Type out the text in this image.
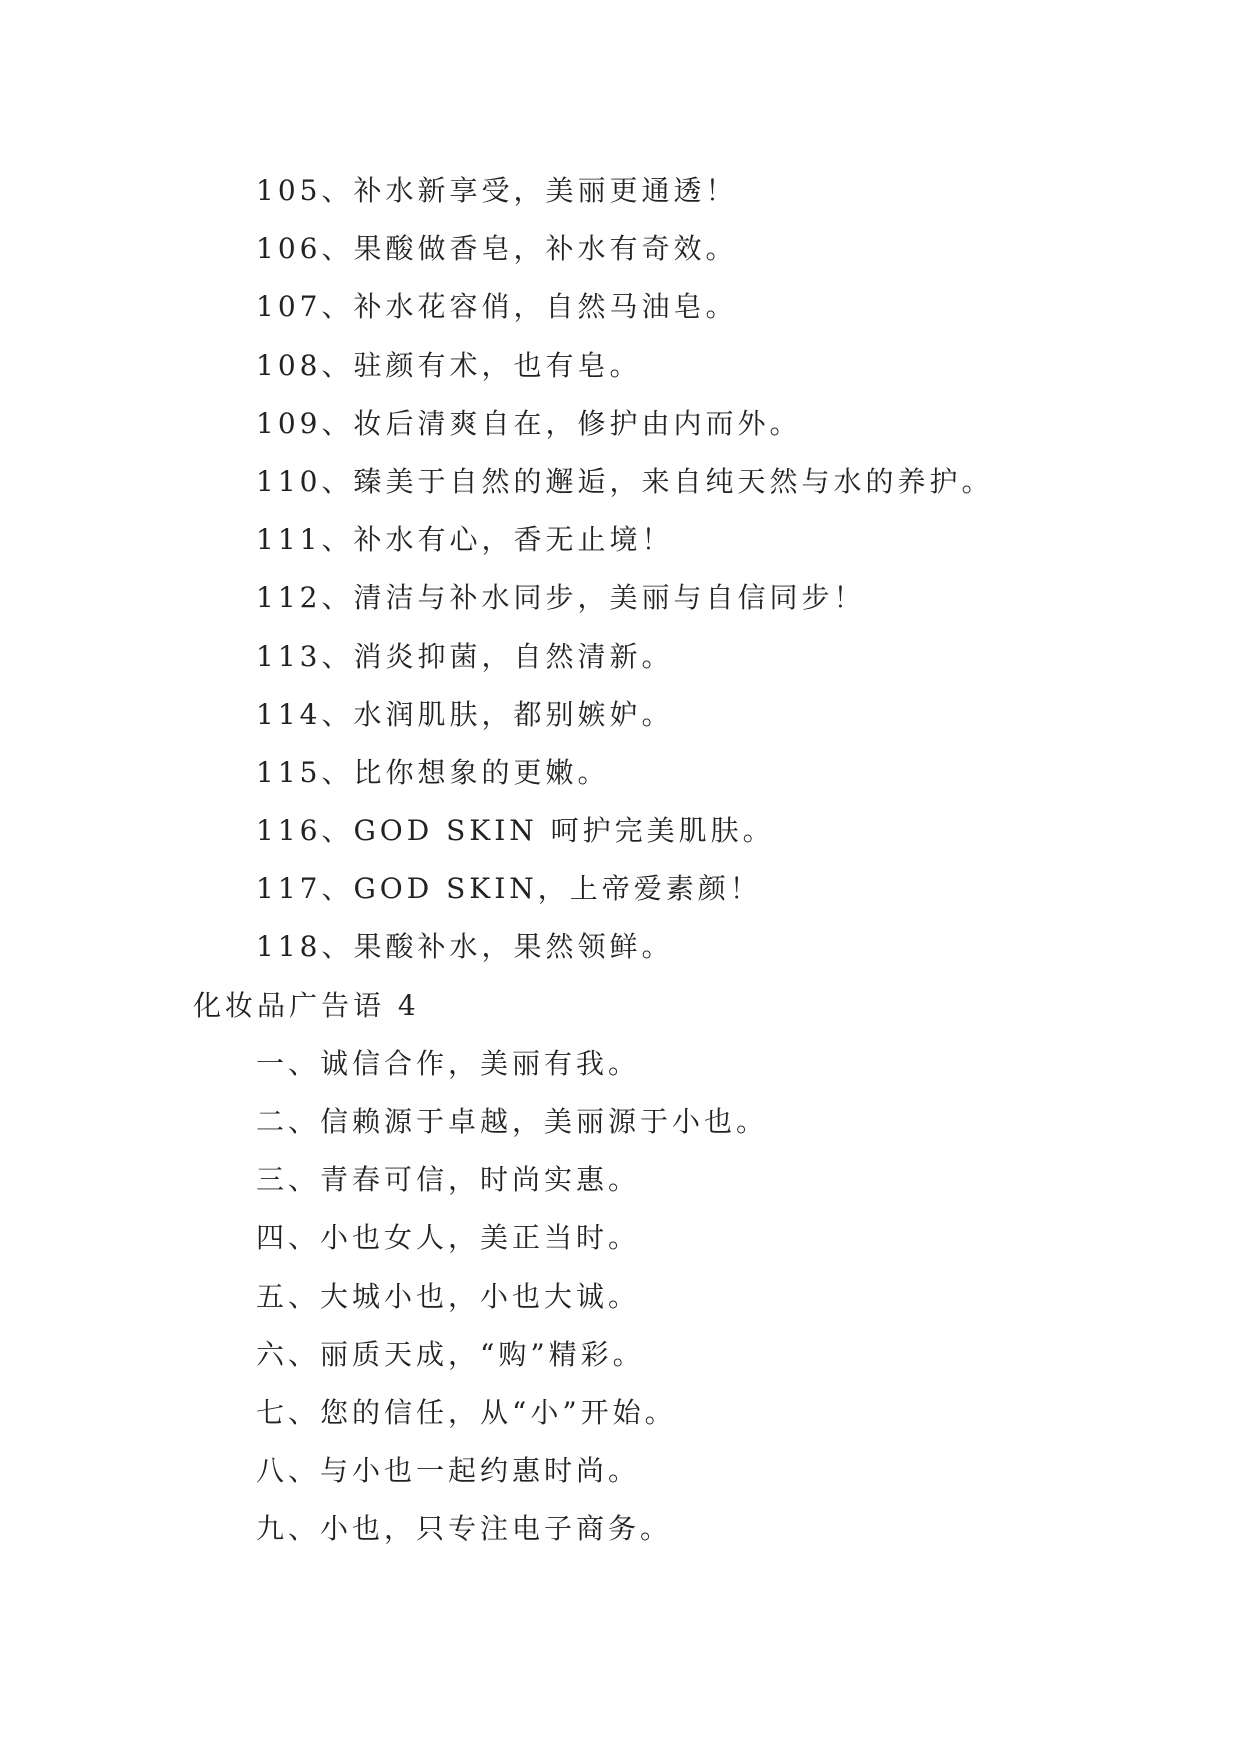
105、补水新享受，美丽更通透！
106、果酸做香皂，补水有奇效。
107、补水花容俏，自然马油皂。
108、驻颜有术，也有皂。
109、妆后清爽自在，修护由内而外。
110、臻美于自然的邂逅，来自纯天然与水的养护。
111、补水有心，香无止境！
112、清洁与补水同步，美丽与自信同步！
113、消炎抑菌，自然清新。
114、水润肌肤，都别嫉妒。
115、比你想象的更嫩。
116、GOD SKIN 呵护完美肌肤。
117、GOD SKIN，上帝爱素颜！
118、果酸补水，果然领鲜。
化妆品广告语 4
一、诚信合作，美丽有我。
二、信赖源于卓越，美丽源于小也。
三、青春可信，时尚实惠。
四、小也女人，美正当时。
五、大城小也，小也大诚。
六、丽质天成，“购”精彩。
七、您的信任，从“小”开始。
八、与小也一起约惠时尚。
九、小也，只专注电子商务。
